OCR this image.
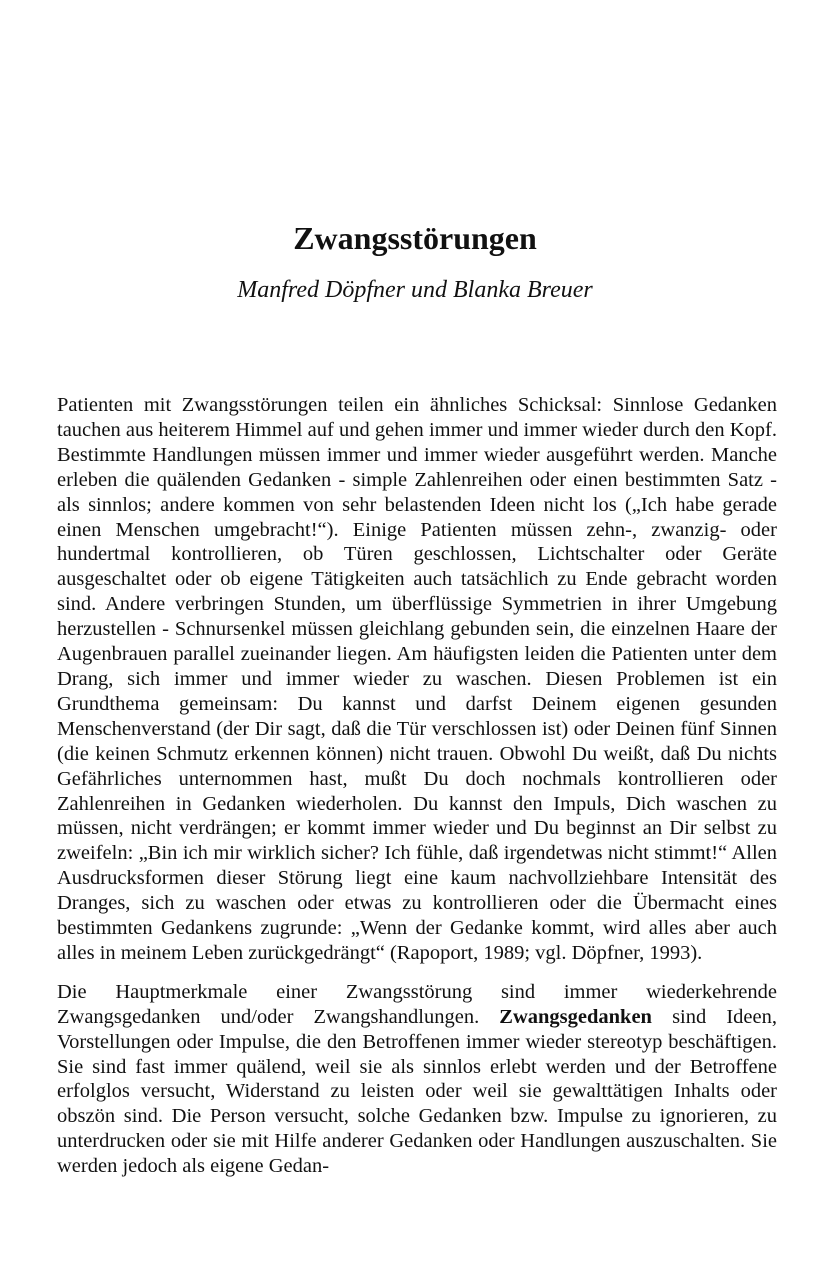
Zwangsstörungen

Manfred Döpfner und Blanka Breuer

Patienten mit Zwangsstörungen teilen ein ähnliches Schicksal: Sinnlose Gedanken tauchen aus heiterem Himmel auf und gehen immer und immer wieder durch den Kopf. Bestimmte Handlungen müssen immer und immer wieder ausgeführt werden. Manche erleben die quälenden Gedanken - simple Zahlenreihen oder einen bestimmten Satz - als sinnlos; andere kommen von sehr belastenden Ideen nicht los („Ich habe gerade einen Menschen umgebracht!“). Einige Patienten müssen zehn-, zwanzig- oder hundertmal kontrollieren, ob Türen geschlossen, Lichtschalter oder Geräte ausgeschaltet oder ob eigene Tätigkeiten auch tatsächlich zu Ende gebracht worden sind. Andere verbringen Stunden, um überflüssige Symmetrien in ihrer Umgebung herzustellen - Schnursenkel müssen gleichlang gebunden sein, die einzelnen Haare der Augenbrauen parallel zueinander liegen. Am häufigsten leiden die Patienten unter dem Drang, sich immer und immer wieder zu waschen. Diesen Problemen ist ein Grundthema gemeinsam: Du kannst und darfst Deinem eigenen gesunden Menschenverstand (der Dir sagt, daß die Tür verschlossen ist) oder Deinen fünf Sinnen (die keinen Schmutz erkennen können) nicht trauen. Obwohl Du weißt, daß Du nichts Gefährliches unternommen hast, mußt Du doch nochmals kontrollieren oder Zahlenreihen in Gedanken wiederholen. Du kannst den Impuls, Dich waschen zu müssen, nicht verdrängen; er kommt immer wieder und Du beginnst an Dir selbst zu zweifeln: „Bin ich mir wirklich sicher? Ich fühle, daß irgendetwas nicht stimmt!“ Allen Ausdrucksformen dieser Störung liegt eine kaum nachvollziehbare Intensität des Dranges, sich zu waschen oder etwas zu kontrollieren oder die Übermacht eines bestimmten Gedankens zugrunde: „Wenn der Gedanke kommt, wird alles aber auch alles in meinem Leben zurückgedrängt“ (Rapoport, 1989; vgl. Döpfner, 1993).

Die Hauptmerkmale einer Zwangsstörung sind immer wiederkehrende Zwangsgedanken und/oder Zwangshandlungen. Zwangsgedanken sind Ideen, Vorstellungen oder Impulse, die den Betroffenen immer wieder stereotyp beschäftigen. Sie sind fast immer quälend, weil sie als sinnlos erlebt werden und der Betroffene erfolglos versucht, Widerstand zu leisten oder weil sie gewalttätigen Inhalts oder obszön sind. Die Person versucht, solche Gedanken bzw. Impulse zu ignorieren, zu unterdrucken oder sie mit Hilfe anderer Gedanken oder Handlungen auszuschalten. Sie werden jedoch als eigene Gedan-
